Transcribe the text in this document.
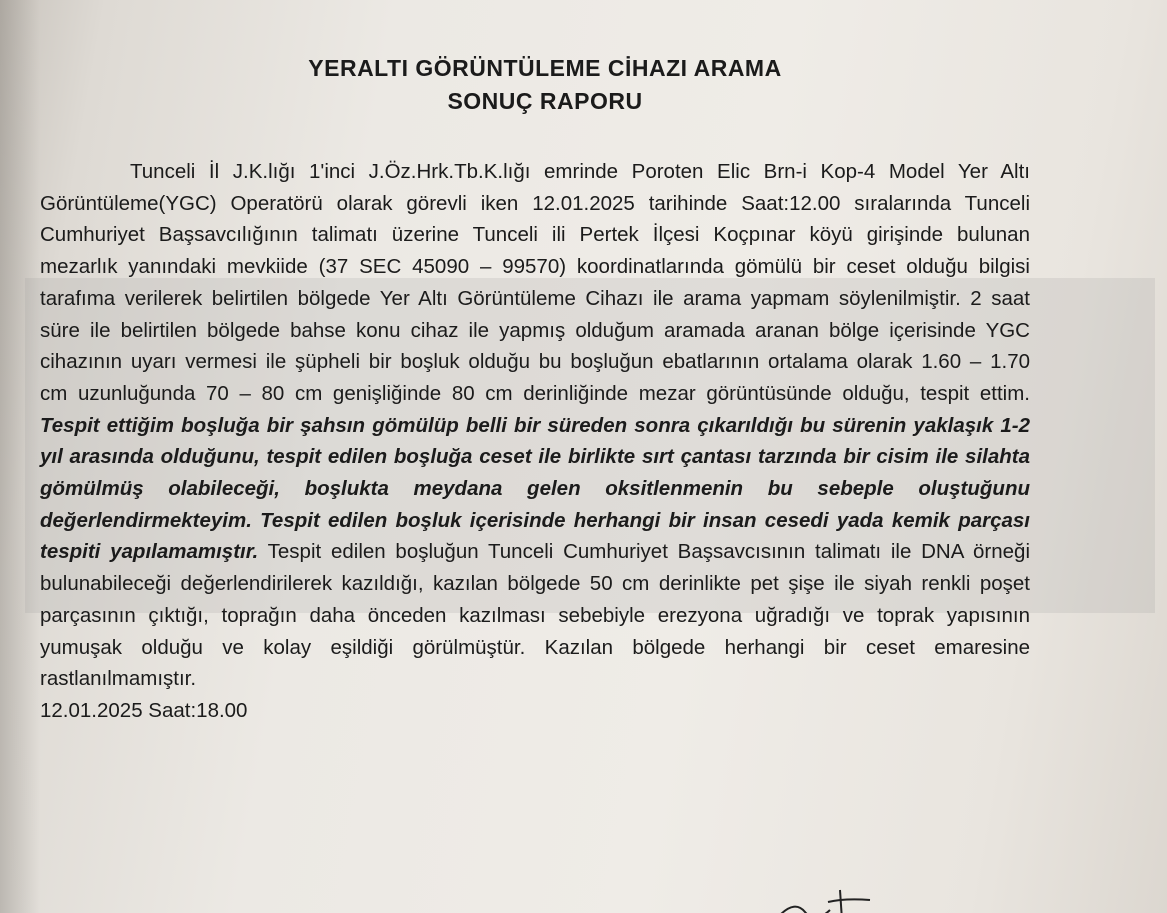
YERALTI GÖRÜNTÜLEME CİHAZI ARAMA
SONUÇ RAPORU

Tunceli İl J.K.lığı 1'inci J.Öz.Hrk.Tb.K.lığı emrinde Poroten Elic Brn-i Kop-4 Model Yer Altı Görüntüleme(YGC) Operatörü olarak görevli iken 12.01.2025 tarihinde Saat:12.00 sıralarında Tunceli Cumhuriyet Başsavcılığının talimatı üzerine Tunceli ili Pertek İlçesi Koçpınar köyü girişinde bulunan mezarlık yanındaki mevkiide (37 SEC 45090 – 99570) koordinatlarında gömülü bir ceset olduğu bilgisi tarafıma verilerek belirtilen bölgede Yer Altı Görüntüleme Cihazı ile arama yapmam söylenilmiştir. 2 saat süre ile belirtilen bölgede bahse konu cihaz ile yapmış olduğum aramada aranan bölge içerisinde YGC cihazının uyarı vermesi ile şüpheli bir boşluk olduğu bu boşluğun ebatlarının ortalama olarak 1.60 – 1.70 cm uzunluğunda 70 – 80 cm genişliğinde 80 cm derinliğinde mezar görüntüsünde olduğu, tespit ettim. Tespit ettiğim boşluğa bir şahsın gömülüp belli bir süreden sonra çıkarıldığı bu sürenin yaklaşık 1-2 yıl arasında olduğunu, tespit edilen boşluğa ceset ile birlikte sırt çantası tarzında bir cisim ile silahta gömülmüş olabileceği, boşlukta meydana gelen oksitlenmenin bu sebeple oluştuğunu değerlendirmekteyim. Tespit edilen boşluk içerisinde herhangi bir insan cesedi yada kemik parçası tespiti yapılamamıştır. Tespit edilen boşluğun Tunceli Cumhuriyet Başsavcısının talimatı ile DNA örneği bulunabileceği değerlendirilerek kazıldığı, kazılan bölgede 50 cm derinlikte pet şişe ile siyah renkli poşet parçasının çıktığı, toprağın daha önceden kazılması sebebiyle erezyona uğradığı ve toprak yapısının yumuşak olduğu ve kolay eşildiği görülmüştür. Kazılan bölgede herhangi bir ceset emaresine rastlanılmamıştır.

12.01.2025 Saat:18.00
